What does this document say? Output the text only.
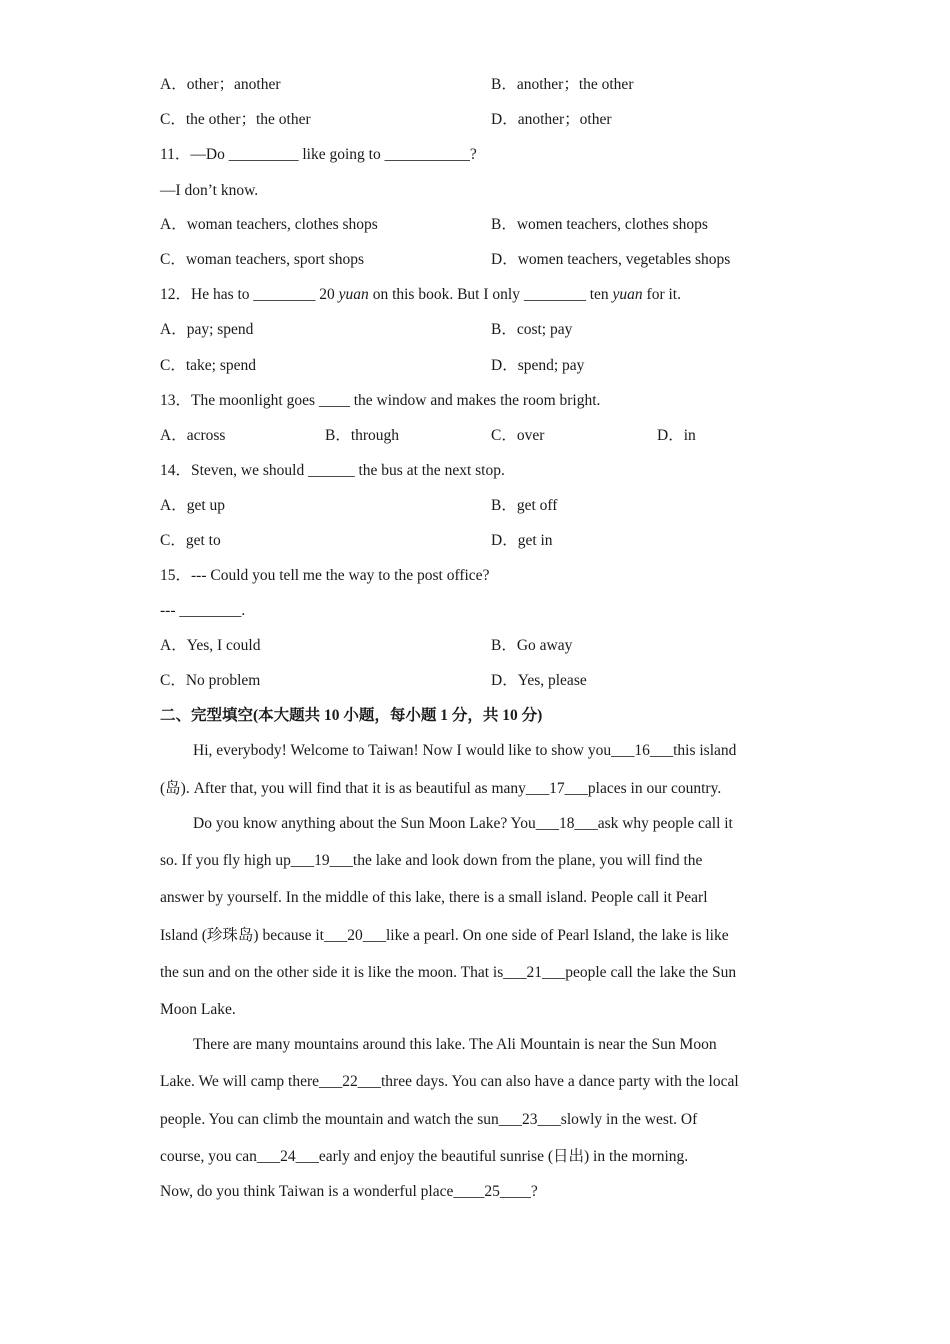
A．other；another	B．another；the other
C．the other；the other	D．another；other
11．—Do _________ like going to ___________?
—I don’t know.
A．woman teachers, clothes shops	B．women teachers, clothes shops
C．woman teachers, sport shops	D．women teachers, vegetables shops
12．He has to ________ 20 yuan on this book. But I only ________ ten yuan for it.
A．pay; spend	B．cost; pay
C．take; spend	D．spend; pay
13．The moonlight goes ____ the window and makes the room bright.
A．across	B．through	C．over	D．in
14．Steven, we should ______ the bus at the next stop.
A．get up	B．get off
C．get to	D．get in
15．--- Could you tell me the way to the post office?
--- ________.
A．Yes, I could	B．Go away
C．No problem	D．Yes, please
二、完型填空(本大题共 10 小题，每小题 1 分，共 10 分)
Hi, everybody! Welcome to Taiwan! Now I would like to show you___16___this island
(岛). After that, you will find that it is as beautiful as many___17___places in our country.
Do you know anything about the Sun Moon Lake? You___18___ask why people call it
so. If you fly high up___19___the lake and look down from the plane, you will find the
answer by yourself. In the middle of this lake, there is a small island. People call it Pearl
Island (珍珠岛) because it___20___like a pearl. On one side of Pearl Island, the lake is like
the sun and on the other side it is like the moon. That is___21___people call the lake the Sun
Moon Lake.
There are many mountains around this lake. The Ali Mountain is near the Sun Moon
Lake. We will camp there___22___three days. You can also have a dance party with the local
people. You can climb the mountain and watch the sun___23___slowly in the west. Of
course, you can___24___early and enjoy the beautiful sunrise (日出) in the morning.
Now, do you think Taiwan is a wonderful place____25____?
